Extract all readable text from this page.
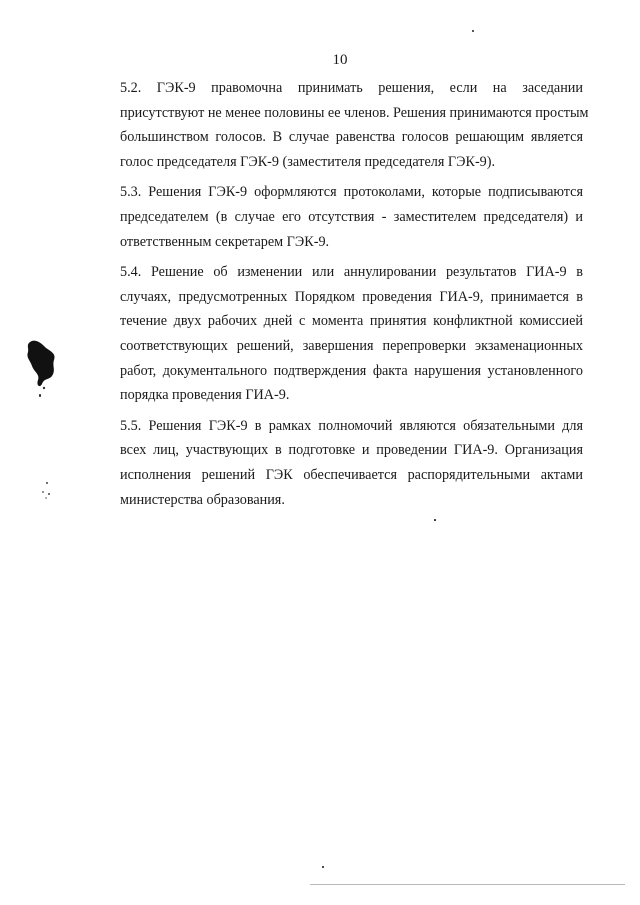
10

5.2. ГЭК-9 правомочна принимать решения, если на заседании
присутствуют не менее половины ее членов. Решения принимаются простым
большинством голосов. В случае равенства голосов решающим является
голос председателя ГЭК-9 (заместителя председателя ГЭК-9).

5.3. Решения ГЭК-9 оформляются протоколами, которые подписываются
председателем (в случае его отсутствия - заместителем председателя) и
ответственным секретарем ГЭК-9.

5.4. Решение об изменении или аннулировании результатов ГИА-9 в
случаях, предусмотренных Порядком проведения ГИА-9, принимается в
течение двух рабочих дней с момента принятия конфликтной комиссией
соответствующих решений, завершения перепроверки экзаменационных
работ, документального подтверждения факта нарушения установленного
порядка проведения ГИА-9.

5.5. Решения ГЭК-9 в рамках полномочий являются обязательными для
всех лиц, участвующих в подготовке и проведении ГИА-9. Организация
исполнения решений ГЭК обеспечивается распорядительными актами
министерства образования.
